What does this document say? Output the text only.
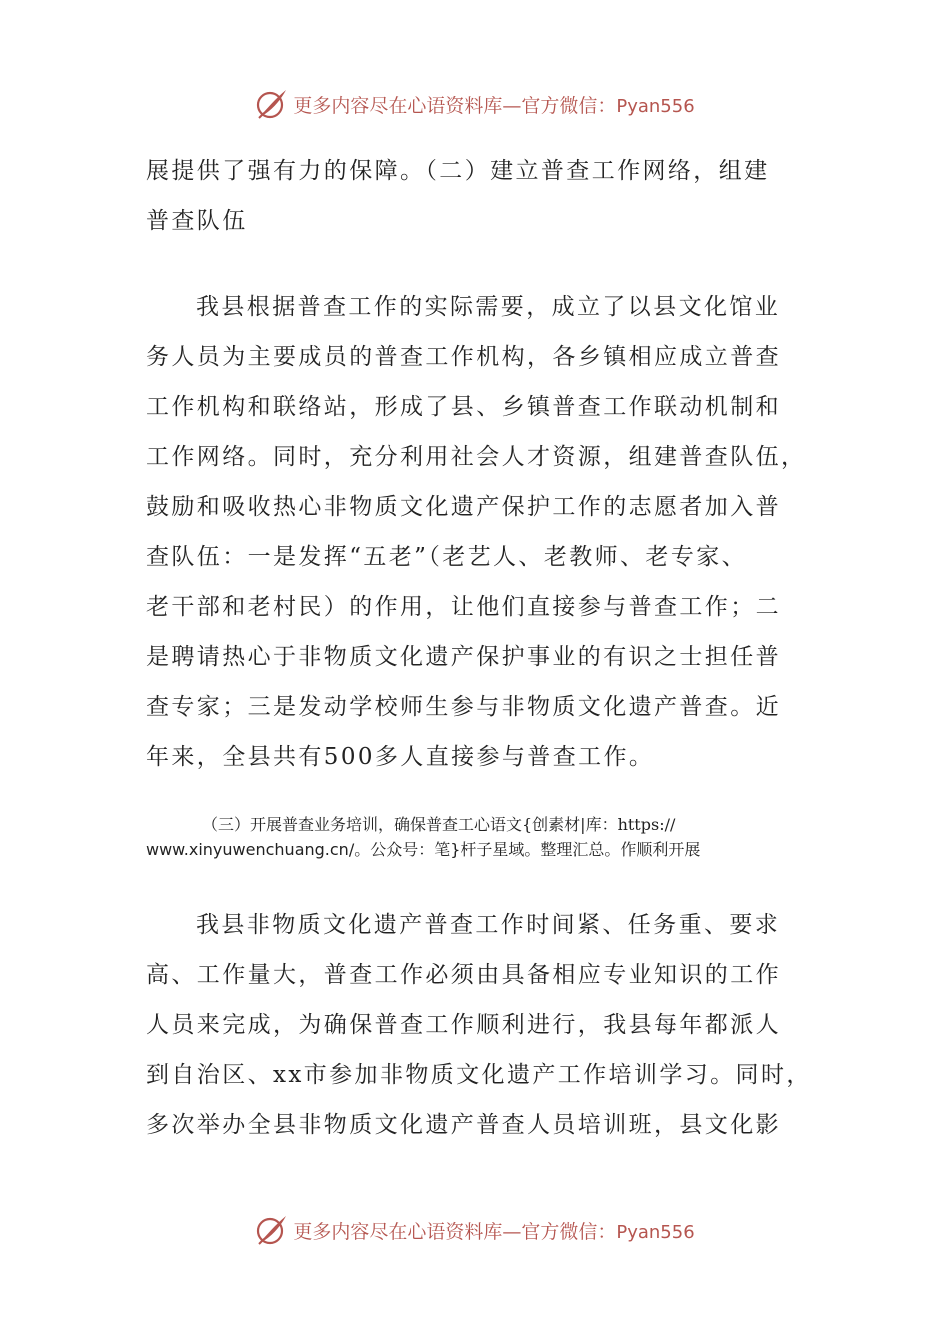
更多内容尽在心语资料库—官方微信：Pyan556
展提供了强有力的保障。（二）建立普查工作网络，组建
普查队伍
我县根据普查工作的实际需要，成立了以县文化馆业
务人员为主要成员的普查工作机构，各乡镇相应成立普查
工作机构和联络站，形成了县、乡镇普查工作联动机制和
工作网络。同时，充分利用社会人才资源，组建普查队伍，
鼓励和吸收热心非物质文化遗产保护工作的志愿者加入普
查队伍：一是发挥“五老”（老艺人、老教师、老专家、
老干部和老村民）的作用，让他们直接参与普查工作；二
是聘请热心于非物质文化遗产保护事业的有识之士担任普
查专家；三是发动学校师生参与非物质文化遗产普查。近
年来，全县共有500多人直接参与普查工作。
（三）开展普查业务培训，确保普查工心语文{创素材|库：https://
www.xinyuwenchuang.cn/。公众号：笔}杆子星域。整理汇总。作顺利开展
我县非物质文化遗产普查工作时间紧、任务重、要求
高、工作量大，普查工作必须由具备相应专业知识的工作
人员来完成，为确保普查工作顺利进行，我县每年都派人
到自治区、xx市参加非物质文化遗产工作培训学习。同时，
多次举办全县非物质文化遗产普查人员培训班，县文化影
更多内容尽在心语资料库—官方微信：Pyan556
